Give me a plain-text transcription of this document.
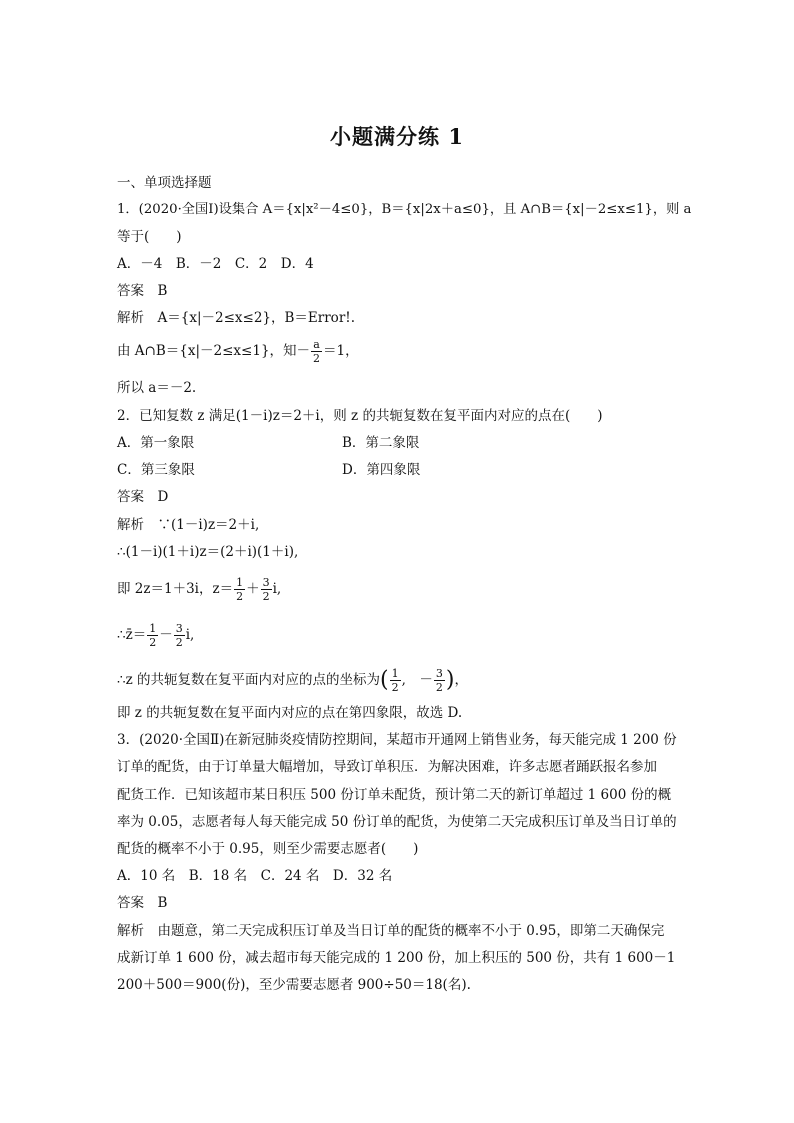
小题满分练 1
一、单项选择题
1．(2020·全国Ⅰ)设集合 A＝{x|x²－4≤0}，B＝{x|2x＋a≤0}，且 A∩B＝{x|－2≤x≤1}，则 a
等于(　　)
A．－4　B．－2　C．2　D．4
答案　B
解析　A＝{x|－2≤x≤2}，B＝Error!.
由 A∩B＝{x|－2≤x≤1}，知－ $\frac{a}{2} =1$，
所以 a＝－2.
2．已知复数 z 满足(1－i)z＝2＋i，则 z 的共轭复数在复平面内对应的点在(　　)
A．第一象限	B．第二象限
C．第三象限	D．第四象限
答案　D
解析　∵(1－i)z＝2＋i,
∴(1－i)(1＋i)z＝(2＋i)(1＋i),
即 2z＝1＋3i，$z= \frac{1}{2} + \frac{3}{2} i$,
∴z̄＝ $\frac{1}{2} - \frac{3}{2} i$,
∴z 的共轭复数在复平面内对应的点的坐标为( $\frac{1}{2}$ ,　－ $\frac{3}{2}$ )，
即 z 的共轭复数在复平面内对应的点在第四象限，故选 D.
3．(2020·全国Ⅱ)在新冠肺炎疫情防控期间，某超市开通网上销售业务，每天能完成 1 200 份
订单的配货，由于订单量大幅增加，导致订单积压．为解决困难，许多志愿者踊跃报名参加
配货工作．已知该超市某日积压 500 份订单未配货，预计第二天的新订单超过 1 600 份的概
率为 0.05，志愿者每人每天能完成 50 份订单的配货，为使第二天完成积压订单及当日订单的
配货的概率不小于 0.95，则至少需要志愿者(　　)
A．10 名　B．18 名　C．24 名　D．32 名
答案　B
解析　由题意，第二天完成积压订单及当日订单的配货的概率不小于 0.95，即第二天确保完
成新订单 1 600 份，减去超市每天能完成的 1 200 份，加上积压的 500 份，共有 1 600－1
200＋500＝900(份)，至少需要志愿者 900÷50＝18(名).
